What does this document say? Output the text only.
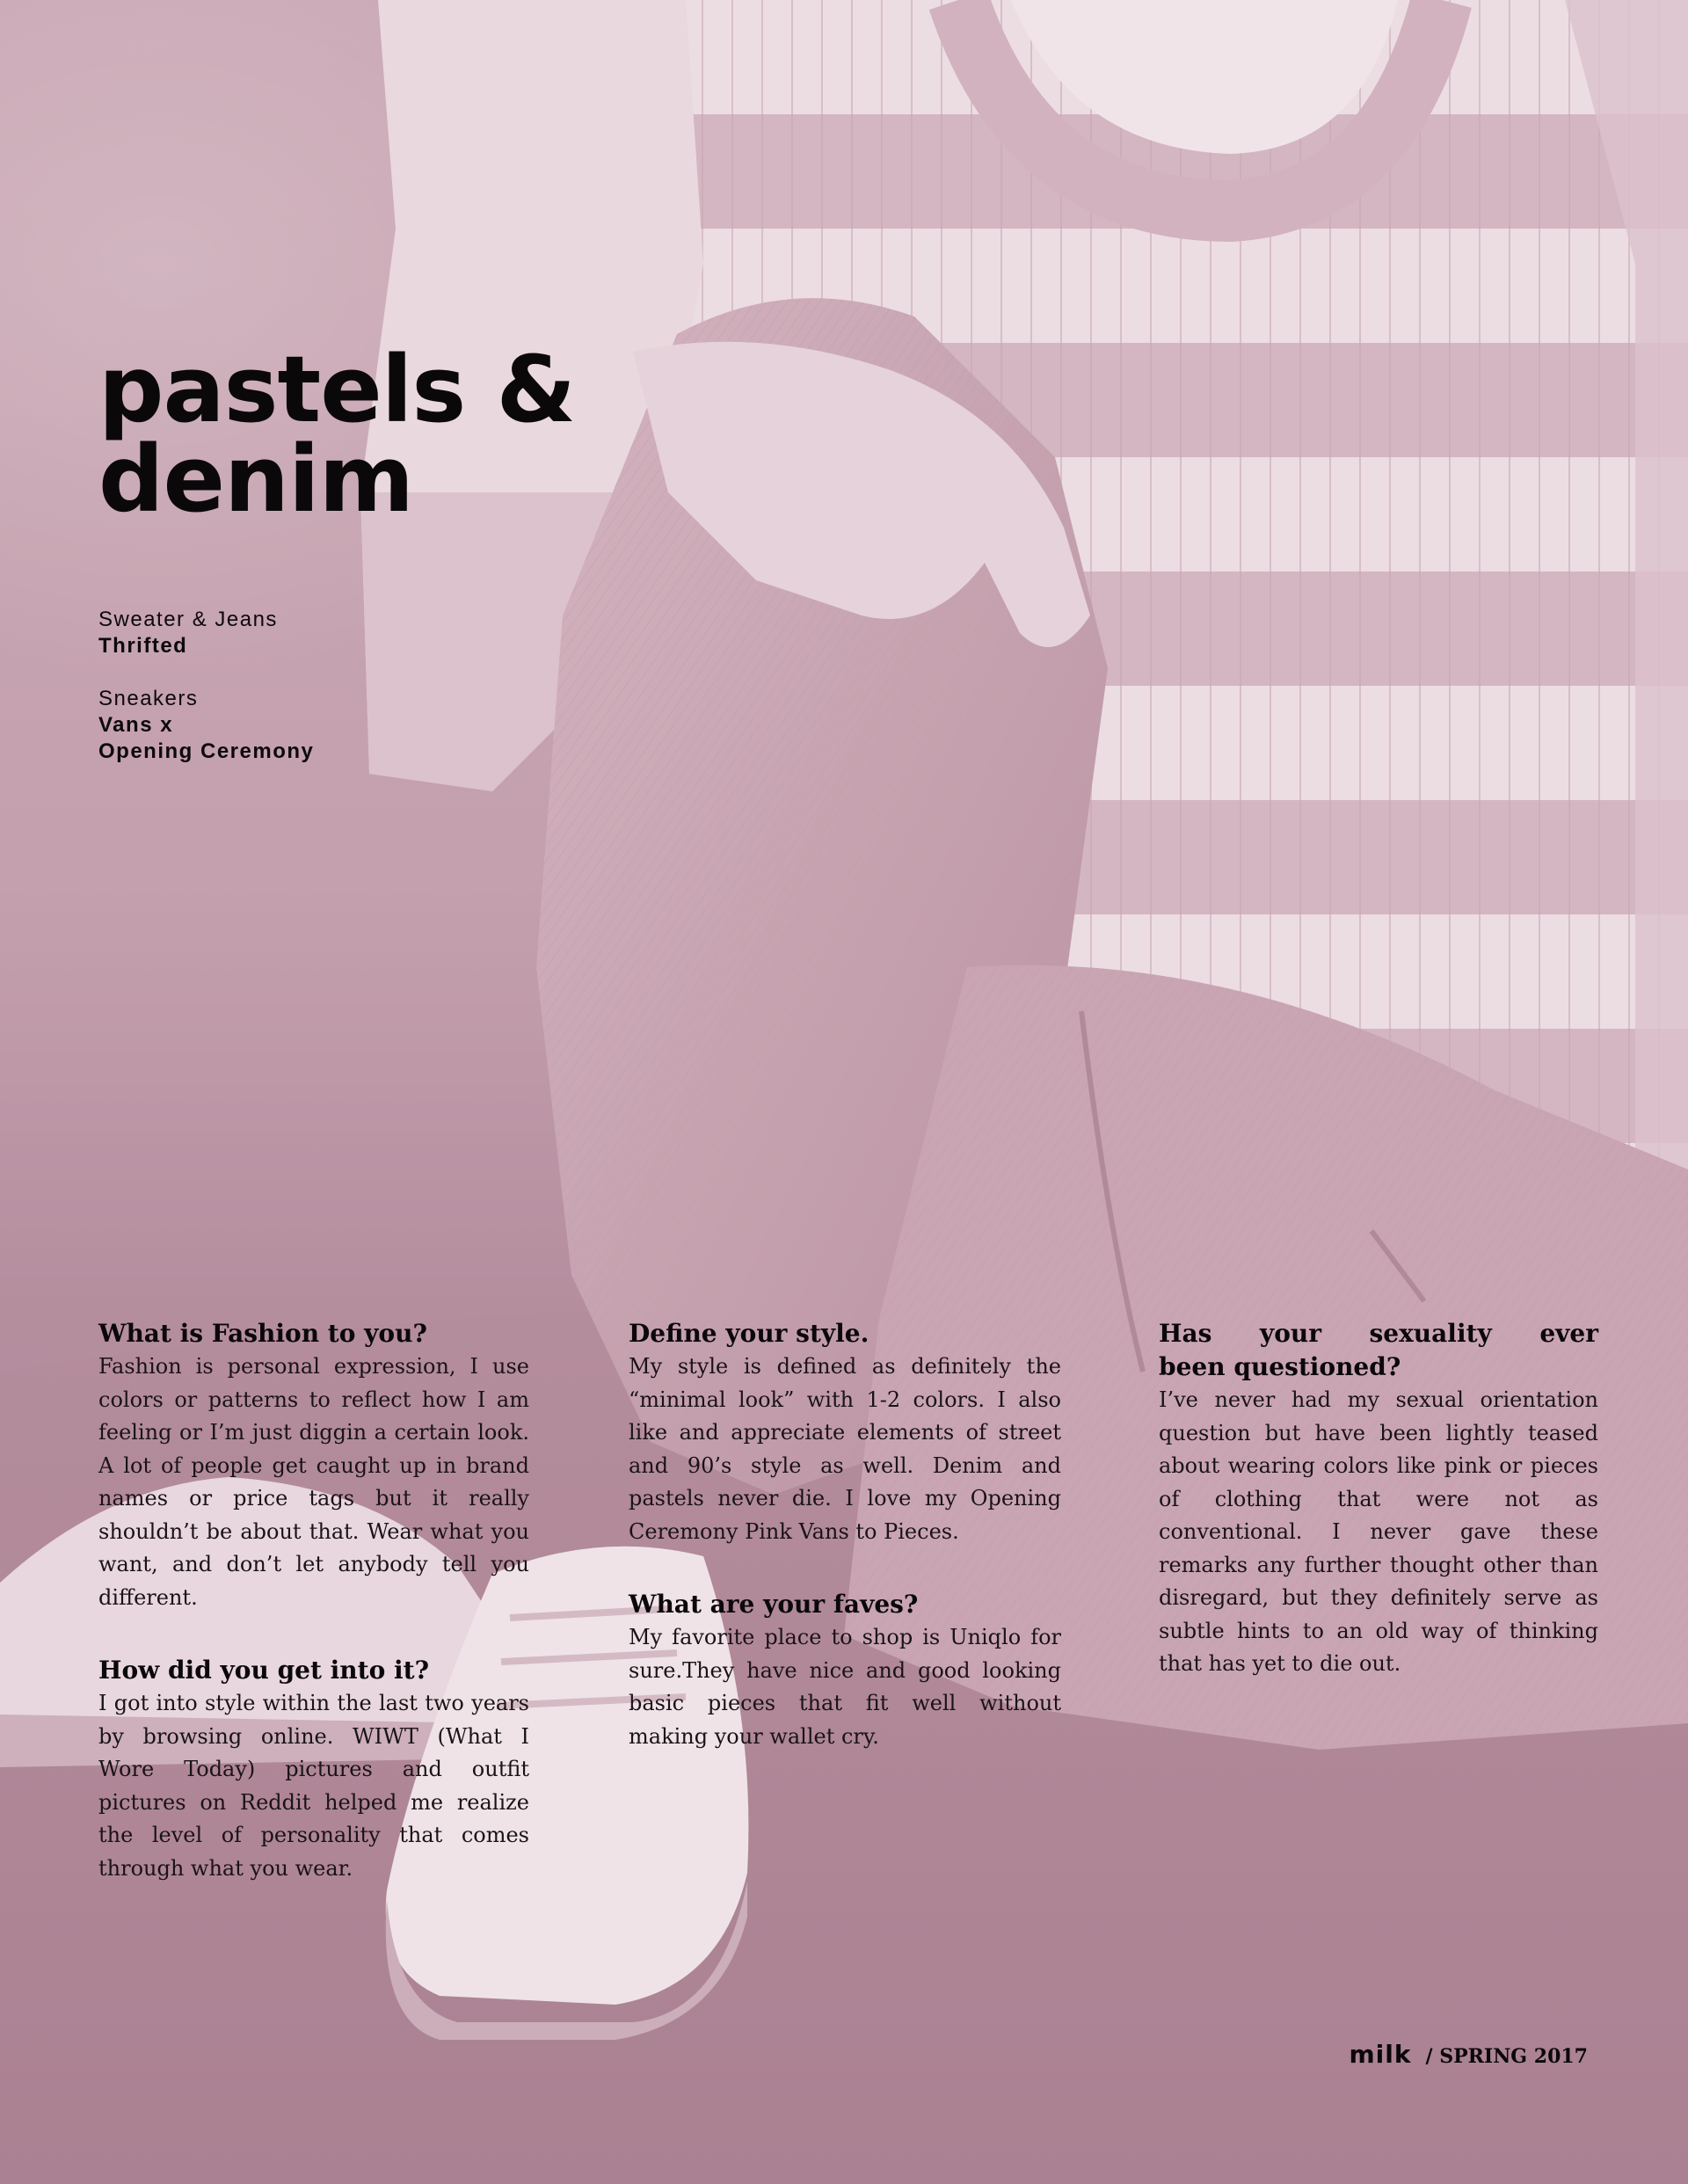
pastels &
denim
Sweater & Jeans
Thrifted
Sneakers
Vans x
Opening Ceremony
What is Fashion to you?

Fashion is personal expression, I use colors or patterns to reflect how I am feeling or I’m just diggin a certain look. A lot of people get caught up in brand names or price tags but it really shouldn’t be about that. Wear what you want, and don’t let anybody tell you different.

How did you get into it?

I got into style within the last two years by browsing online. WIWT (What I Wore Today) pictures and outfit pictures on Reddit helped me realize the level of personality that comes through what you wear.

Define your style.

My style is defined as definitely the “minimal look” with 1-2 colors. I also like and appreciate elements of street and 90’s style as well. Denim and pastels never die. I love my Opening Ceremony Pink Vans to Pieces.

What are your faves?

My favorite place to shop is Uniqlo for sure.They have nice and good looking basic pieces that fit well without making your wallet cry.

Has your sexuality ever
been questioned?

I’ve never had my sexual orientation question but have been lightly teased about wearing colors like pink or pieces of clothing that were not as conventional. I never gave these remarks any further thought other than disregard, but they definitely serve as subtle hints to an old way of thinking that has yet to die out.

milk / SPRING 2017
